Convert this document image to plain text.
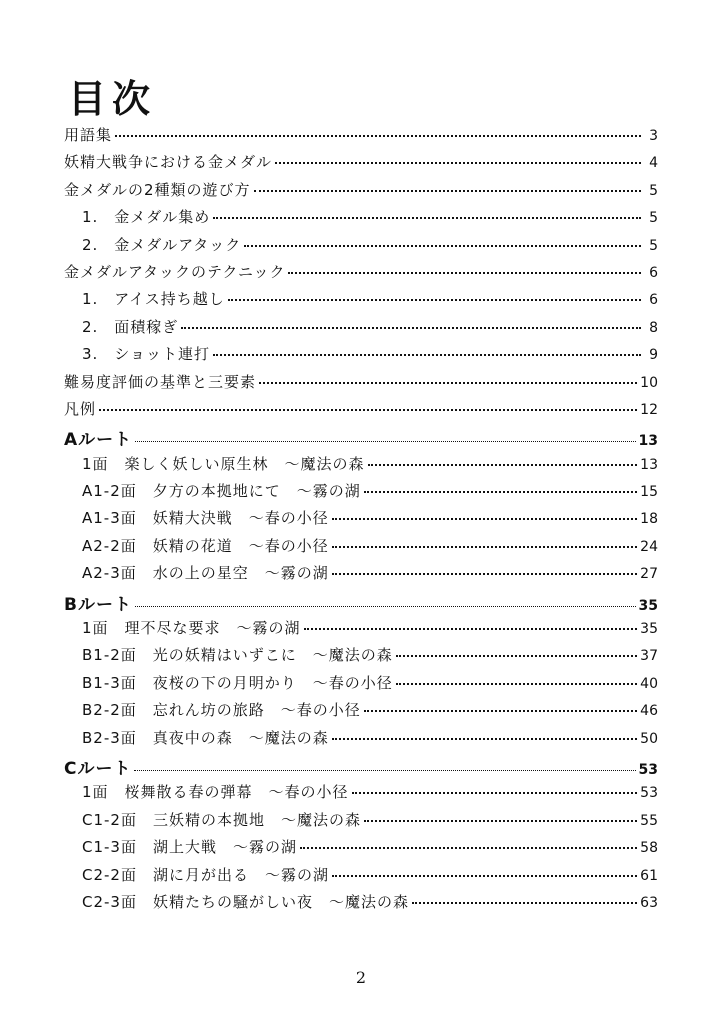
目次
用語集	3
妖精大戦争における金メダル	4
金メダルの2種類の遊び方	5
1.　金メダル集め	5
2.　金メダルアタック	5
金メダルアタックのテクニック	6
1.　アイス持ち越し	6
2.　面積稼ぎ	8
3.　ショット連打	9
難易度評価の基準と三要素	10
凡例	12
Aルート	13
1面　楽しく妖しい原生林　～魔法の森	13
A1-2面　夕方の本拠地にて　～霧の湖	15
A1-3面　妖精大決戦　～春の小径	18
A2-2面　妖精の花道　～春の小径	24
A2-3面　水の上の星空　～霧の湖	27
Bルート	35
1面　理不尽な要求　～霧の湖	35
B1-2面　光の妖精はいずこに　～魔法の森	37
B1-3面　夜桜の下の月明かり　～春の小径	40
B2-2面　忘れん坊の旅路　～春の小径	46
B2-3面　真夜中の森　～魔法の森	50
Cルート	53
1面　桜舞散る春の弾幕　～春の小径	53
C1-2面　三妖精の本拠地　～魔法の森	55
C1-3面　湖上大戦　～霧の湖	58
C2-2面　湖に月が出る　～霧の湖	61
C2-3面　妖精たちの騒がしい夜　～魔法の森	63
2
